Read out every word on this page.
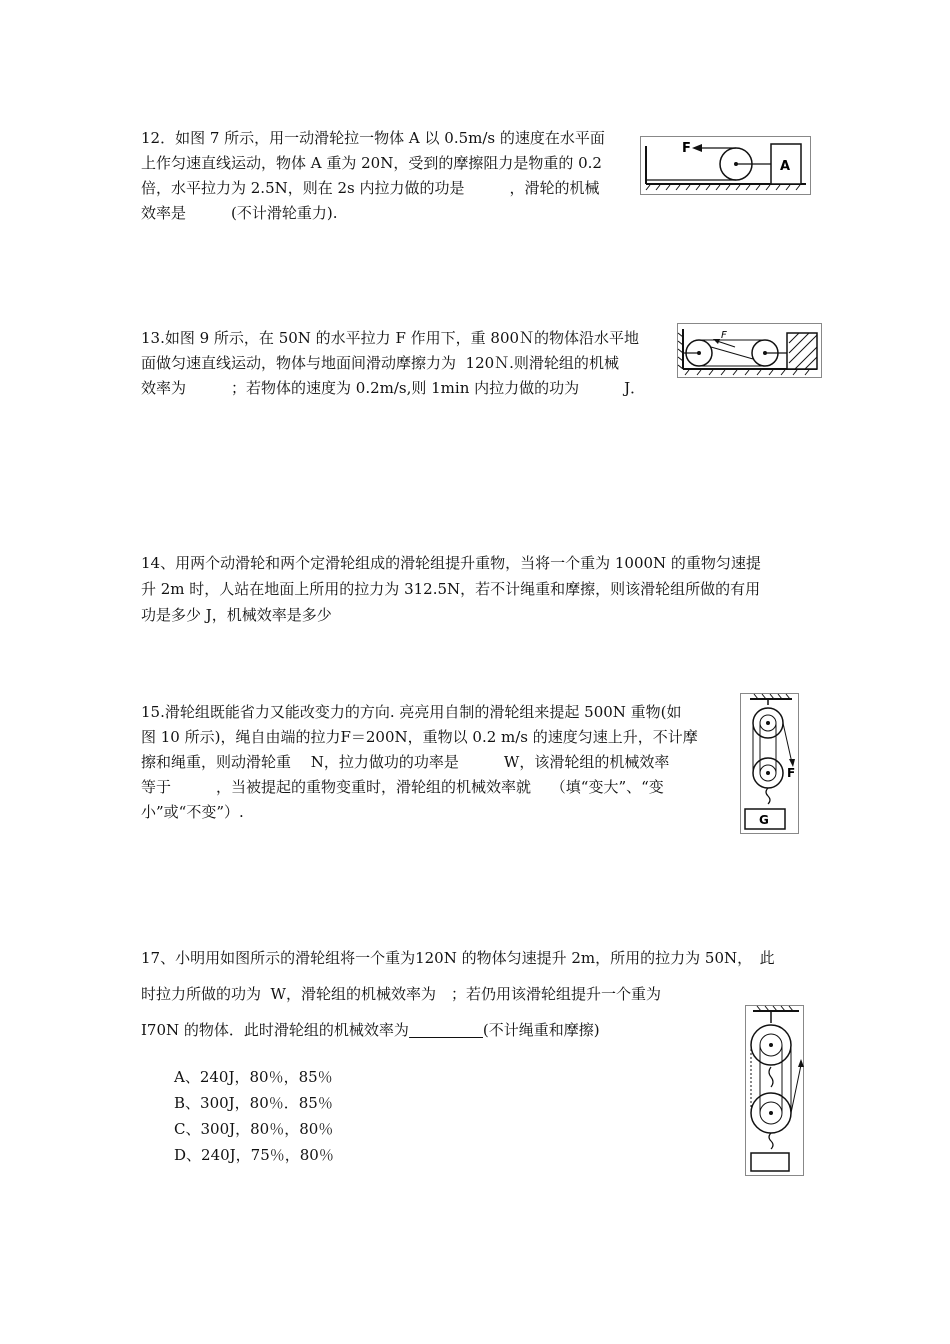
12．如图 7 所示，用一动滑轮拉一物体 A 以 0.5m/s 的速度在水平面
上作匀速直线运动，物体 A 重为 20N，受到的摩擦阻力是物重的 0.2
倍，水平拉力为 2.5N，则在 2s 内拉力做的功是　　　，滑轮的机械
效率是　　　(不计滑轮重力).
F
A
13.如图 9 所示，在 50N 的水平拉力 F 作用下，重 800Ｎ的物体沿水平地
面做匀速直线运动，物体与地面间滑动摩擦力为  120Ｎ.则滑轮组的机械
效率为　　　；若物体的速度为 0.2m/s,则 1min 内拉力做的功为　　　J．
F
14、用两个动滑轮和两个定滑轮组成的滑轮组提升重物，当将一个重为 1000N 的重物匀速提
升 2m 时，人站在地面上所用的拉力为 312.5N，若不计绳重和摩擦，则该滑轮组所做的有用
功是多少 J，机械效率是多少
15.滑轮组既能省力又能改变力的方向. 亮亮用自制的滑轮组来提起 500N 重物(如
图 10 所示)，绳自由端的拉力F＝200N，重物以 0.2 m/s 的速度匀速上升，不计摩
擦和绳重，则动滑轮重　 N，拉力做功的功率是　　　W，该滑轮组的机械效率
等于　　　，当被提起的重物变重时，滑轮组的机械效率就　 （填“变大”、“变
小”或“不变”）.
F
G
17、小明用如图所示的滑轮组将一个重为120N 的物体匀速提升 2m，所用的拉力为 50N，　此
时拉力所做的功为  W，滑轮组的机械效率为　；若仍用该滑轮组提升一个重为
I70N 的物体．此时滑轮组的机械效率为	(不计绳重和摩擦)
A、240J，80％，85％
B、300J，80％．85％
C、300J，80％，80％
D、240J，75％，80％
